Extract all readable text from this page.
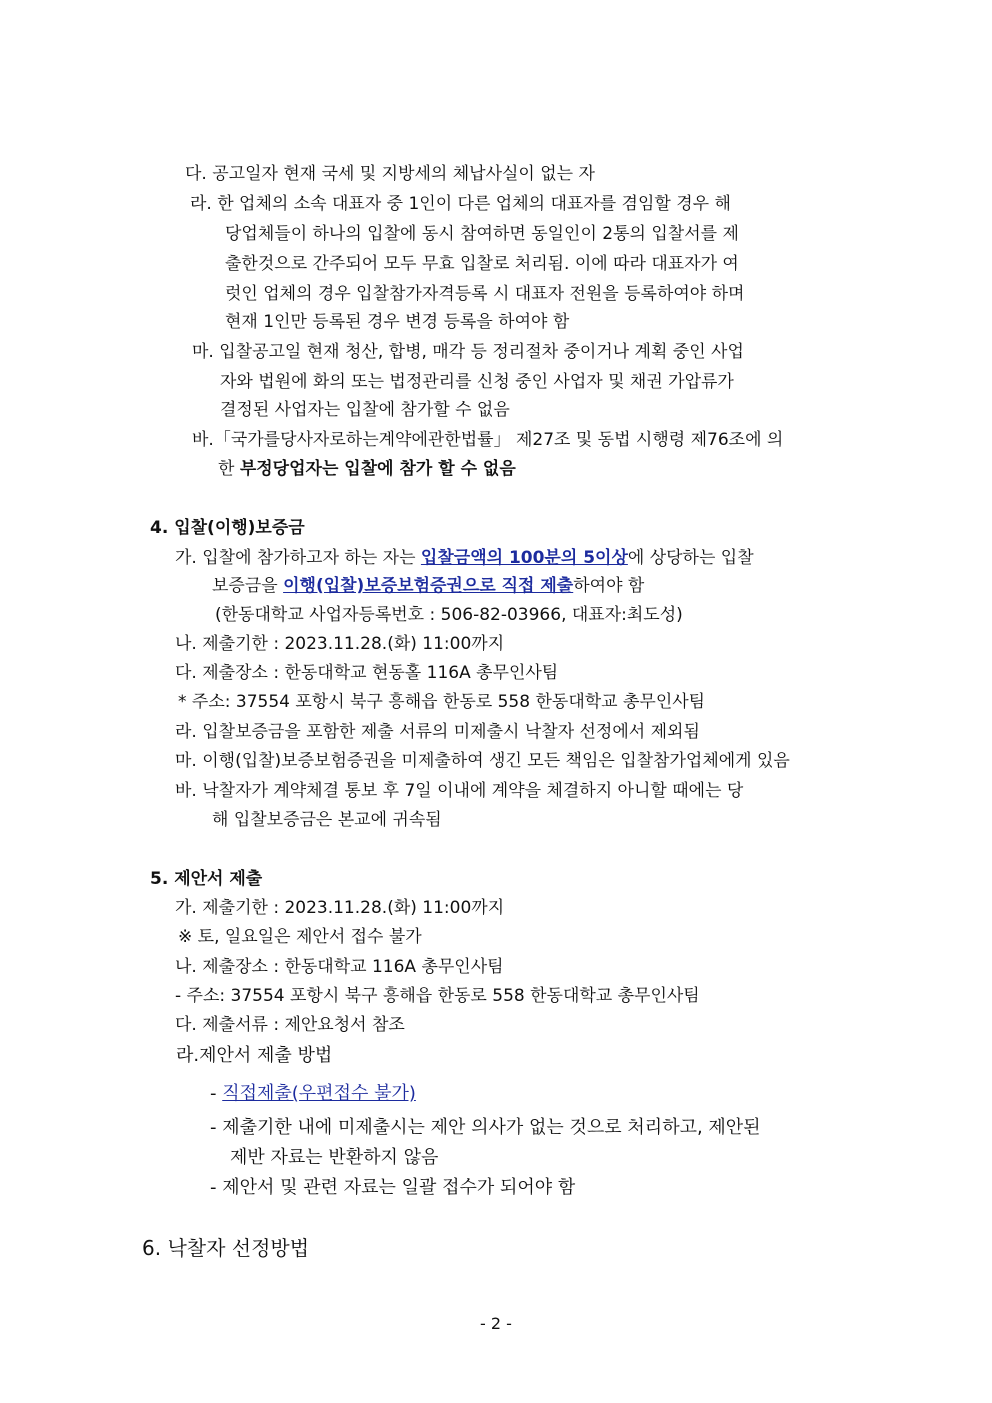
다. 공고일자 현재 국세 및 지방세의 체납사실이 없는 자
라. 한 업체의 소속 대표자 중 1인이 다른 업체의 대표자를 겸임할 경우 해
당업체들이 하나의 입찰에 동시 참여하면 동일인이 2통의 입찰서를 제
출한것으로 간주되어 모두 무효 입찰로 처리됨. 이에 따라 대표자가 여
럿인 업체의 경우 입찰참가자격등록 시 대표자 전원을 등록하여야 하며
현재 1인만 등록된 경우 변경 등록을 하여야 함
마. 입찰공고일 현재 청산, 합병, 매각 등 정리절차 중이거나 계획 중인 사업
자와 법원에 화의 또는 법정관리를 신청 중인 사업자 및 채권 가압류가
결정된 사업자는 입찰에 참가할 수 없음
바.「국가를당사자로하는계약에관한법률」 제27조 및 동법 시행령 제76조에 의
한 부정당업자는 입찰에 참가 할 수 없음
4. 입찰(이행)보증금
가. 입찰에 참가하고자 하는 자는 입찰금액의 100분의 5이상에 상당하는 입찰
보증금을 이행(입찰)보증보험증권으로 직접 제출하여야 함
(한동대학교 사업자등록번호 : 506-82-03966, 대표자:최도성)
나. 제출기한 : 2023.11.28.(화) 11:00까지
다. 제출장소 : 한동대학교 현동홀 116A 총무인사팀
* 주소: 37554 포항시 북구 흥해읍 한동로 558 한동대학교 총무인사팀
라. 입찰보증금을 포함한 제출 서류의 미제출시 낙찰자 선정에서 제외됨
마. 이행(입찰)보증보험증권을 미제출하여 생긴 모든 책임은 입찰참가업체에게 있음
바. 낙찰자가 계약체결 통보 후 7일 이내에 계약을 체결하지 아니할 때에는 당
해 입찰보증금은 본교에 귀속됨
5. 제안서 제출
가. 제출기한 : 2023.11.28.(화) 11:00까지
※ 토, 일요일은 제안서 접수 불가
나. 제출장소 : 한동대학교 116A 총무인사팀
- 주소: 37554 포항시 북구 흥해읍 한동로 558 한동대학교 총무인사팀
다. 제출서류 : 제안요청서 참조
라.제안서 제출 방법
- 직접제출(우편접수 불가)
- 제출기한 내에 미제출시는 제안 의사가 없는 것으로 처리하고, 제안된
제반 자료는 반환하지 않음
- 제안서 및 관련 자료는 일괄 접수가 되어야 함
6. 낙찰자 선정방법
- 2 -
